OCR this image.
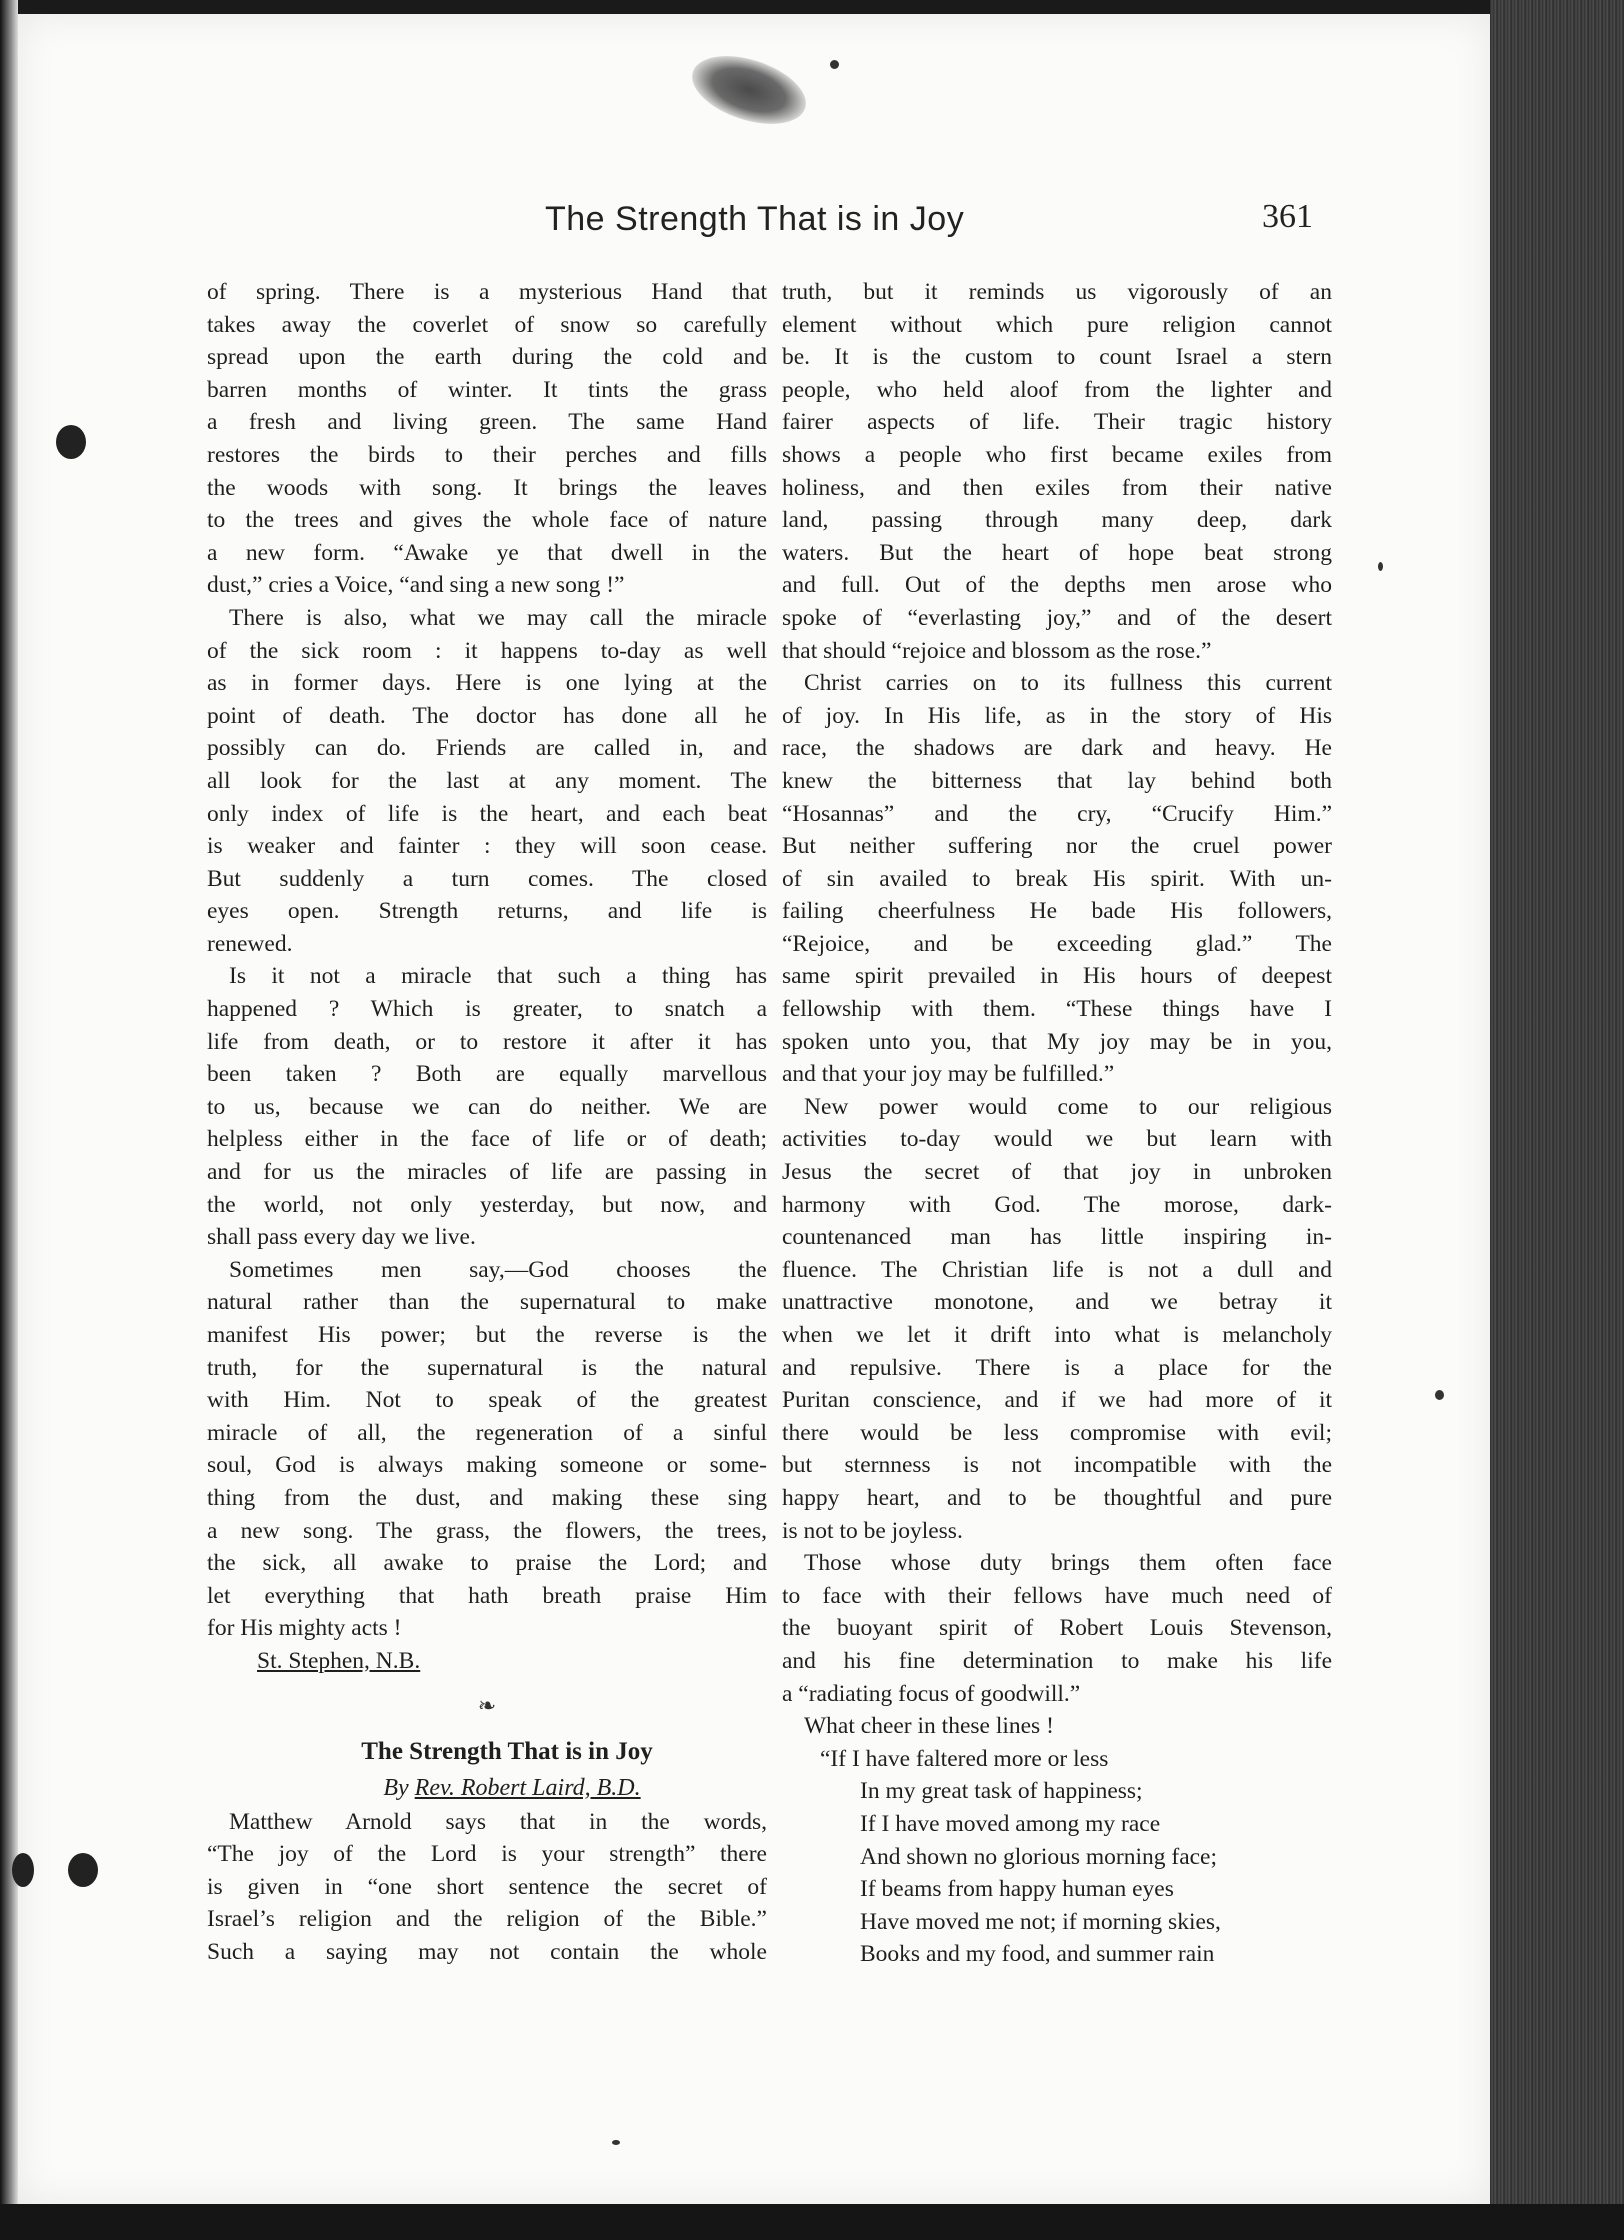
The Strength That is in Joy	361
of spring. There is a mysterious Hand that
takes away the coverlet of snow so carefully
spread upon the earth during the cold and
barren months of winter. It tints the grass
a fresh and living green. The same Hand
restores the birds to their perches and fills
the woods with song. It brings the leaves
to the trees and gives the whole face of nature
a new form. “Awake ye that dwell in the
dust,” cries a Voice, “and sing a new song !”
There is also, what we may call the miracle
of the sick room : it happens to-day as well
as in former days. Here is one lying at the
point of death. The doctor has done all he
possibly can do. Friends are called in, and
all look for the last at any moment. The
only index of life is the heart, and each beat
is weaker and fainter : they will soon cease.
But suddenly a turn comes. The closed
eyes open. Strength returns, and life is
renewed.
Is it not a miracle that such a thing has
happened ? Which is greater, to snatch a
life from death, or to restore it after it has
been taken ? Both are equally marvellous
to us, because we can do neither. We are
helpless either in the face of life or of death;
and for us the miracles of life are passing in
the world, not only yesterday, but now, and
shall pass every day we live.
Sometimes men say,—God chooses the
natural rather than the supernatural to make
manifest His power; but the reverse is the
truth, for the supernatural is the natural
with Him. Not to speak of the greatest
miracle of all, the regeneration of a sinful
soul, God is always making someone or some-
thing from the dust, and making these sing
a new song. The grass, the flowers, the trees,
the sick, all awake to praise the Lord; and
let everything that hath breath praise Him
for His mighty acts !
St. Stephen, N.B.
❧
The Strength That is in Joy
By Rev. Robert Laird, B.D.
Matthew Arnold says that in the words,
“The joy of the Lord is your strength” there
is given in “one short sentence the secret of
Israel’s religion and the religion of the Bible.”
Such a saying may not contain the whole
truth, but it reminds us vigorously of an
element without which pure religion cannot
be. It is the custom to count Israel a stern
people, who held aloof from the lighter and
fairer aspects of life. Their tragic history
shows a people who first became exiles from
holiness, and then exiles from their native
land, passing through many deep, dark
waters. But the heart of hope beat strong
and full. Out of the depths men arose who
spoke of “everlasting joy,” and of the desert
that should “rejoice and blossom as the rose.”
Christ carries on to its fullness this current
of joy. In His life, as in the story of His
race, the shadows are dark and heavy. He
knew the bitterness that lay behind both
“Hosannas” and the cry, “Crucify Him.”
But neither suffering nor the cruel power
of sin availed to break His spirit. With un-
failing cheerfulness He bade His followers,
“Rejoice, and be exceeding glad.” The
same spirit prevailed in His hours of deepest
fellowship with them. “These things have I
spoken unto you, that My joy may be in you,
and that your joy may be fulfilled.”
New power would come to our religious
activities to-day would we but learn with
Jesus the secret of that joy in unbroken
harmony with God. The morose, dark-
countenanced man has little inspiring in-
fluence. The Christian life is not a dull and
unattractive monotone, and we betray it
when we let it drift into what is melancholy
and repulsive. There is a place for the
Puritan conscience, and if we had more of it
there would be less compromise with evil;
but sternness is not incompatible with the
happy heart, and to be thoughtful and pure
is not to be joyless.
Those whose duty brings them often face
to face with their fellows have much need of
the buoyant spirit of Robert Louis Stevenson,
and his fine determination to make his life
a “radiating focus of goodwill.”
What cheer in these lines !
“If I have faltered more or less
In my great task of happiness;
If I have moved among my race
And shown no glorious morning face;
If beams from happy human eyes
Have moved me not; if morning skies,
Books and my food, and summer rain
